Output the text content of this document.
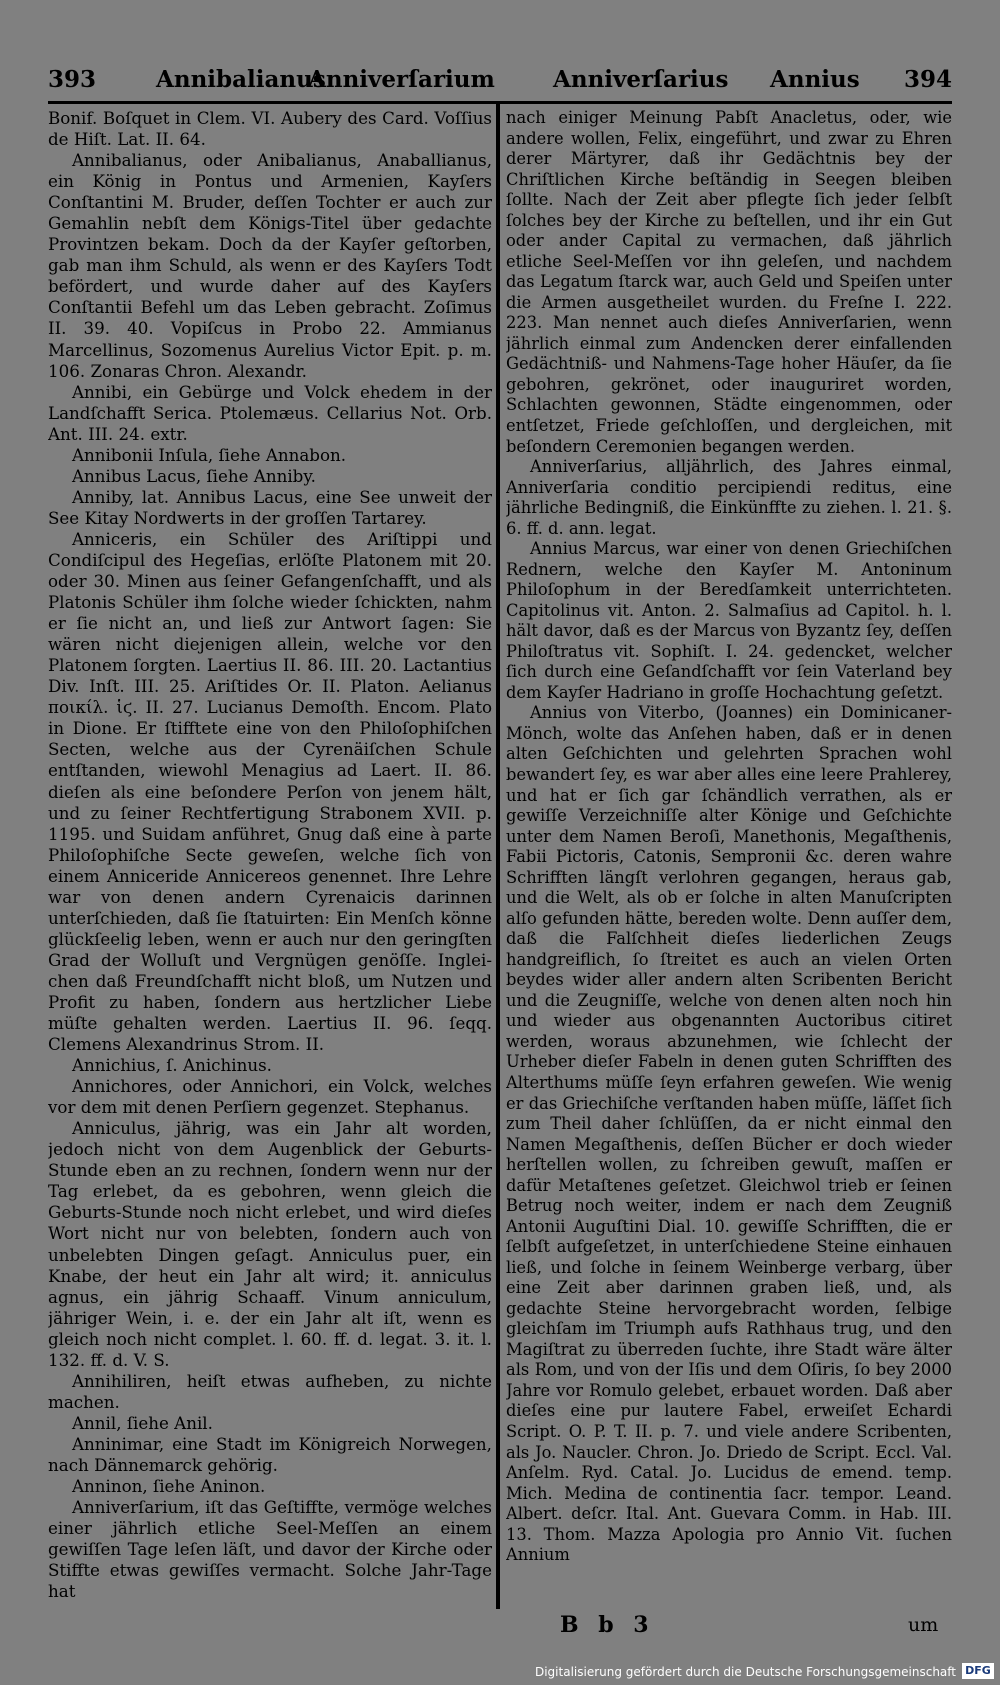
393	Annibalianus
Anniverſarium	Anniverſarius Annius 394

Bonif. Boſquet in Clem. VI. Aubery des Card. Voſſius de Hiſt. Lat. II. 64.

Annibalianus, oder Anibalianus, Anaballianus, ein König in Pontus und Armenien, Kayſers Conſtantini M. Bruder, deſſen Tochter er auch zur Gemahlin nebſt dem Königs-Titel über gedachte Provintzen bekam. Doch da der Kayſer geſtorben, gab man ihm Schuld, als wenn er des Kayſers Todt befördert, und wurde daher auf des Kayſers Conſtantii Befehl um das Leben gebracht. Zoſimus II. 39. 40. Vopiſcus in Probo 22. Ammianus Marcellinus, Sozomenus Aurelius Victor Epit. p. m. 106. Zonaras Chron. Alexandr.

Annibi, ein Gebürge und Volck ehedem in der Landſchafft Serica. Ptolemæus. Cellarius Not. Orb. Ant. III. 24. extr.

Annibonii Inſula, ſiehe Annabon.

Annibus Lacus, ſiehe Anniby.

Anniby, lat. Annibus Lacus, eine See unweit der See Kitay Nordwerts in der groſſen Tartarey.

Anniceris, ein Schüler des Ariſtippi und Condiſcipul des Hegeſias, erlöſte Platonem mit 20. oder 30. Minen aus ſeiner Gefangenſchafft, und als Platonis Schüler ihm ſolche wieder ſchickten, nahm er ſie nicht an, und ließ zur Antwort ſagen: Sie wären nicht diejenigen allein, welche vor den Platonem ſorgten. Laertius II. 86. III. 20. Lactantius Div. Inſt. III. 25. Ariſtides Or. II. Platon. Aelianus ποικίλ. ἱϛ. II. 27. Lucianus Demoſth. Encom. Plato in Dione. Er ſtifftete eine von den Philoſophiſchen Secten, welche aus der Cyrenäiſchen Schule entſtanden, wiewohl Menagius ad Laert. II. 86. dieſen als eine beſondere Perſon von jenem hält, und zu ſeiner Rechtfertigung Strabonem XVII. p. 1195. und Suidam anführet, Gnug daß eine à parte Philoſophiſche Secte geweſen, welche ſich von einem Anniceride Annicereos genennet. Ihre Lehre war von denen andern Cyrenaicis darinnen unterſchieden, daß ſie ſtatuirten: Ein Menſch könne glückſeelig leben, wenn er auch nur den geringſten Grad der Wolluſt und Vergnügen genöſſe. Ingleichen daß Freundſchafft nicht bloß, um Nutzen und Profit zu haben, ſondern aus hertzlicher Liebe müſte gehalten werden. Laertius II. 96. ſeqq. Clemens Alexandrinus Strom. II.

Annichius, ſ. Anichinus.

Annichores, oder Annichori, ein Volck, welches vor dem mit denen Perſiern gegenzet. Stephanus.

Anniculus, jährig, was ein Jahr alt worden, jedoch nicht von dem Augenblick der Geburts-Stunde eben an zu rechnen, ſondern wenn nur der Tag erlebet, da es gebohren, wenn gleich die Geburts-Stunde noch nicht erlebet, und wird dieſes Wort nicht nur von belebten, ſondern auch von unbelebten Dingen geſagt. Anniculus puer, ein Knabe, der heut ein Jahr alt wird; it. anniculus agnus, ein jährig Schaaff. Vinum anniculum, jähriger Wein, i. e. der ein Jahr alt iſt, wenn es gleich noch nicht complet. l. 60. ff. d. legat. 3. it. l. 132. ff. d. V. S.

Annihiliren, heiſt etwas aufheben, zu nichte machen.

Annil, ſiehe Anil.

Anninimar, eine Stadt im Königreich Norwegen, nach Dännemarck gehörig.

Anninon, ſiehe Aninon.

Anniverſarium, iſt das Geſtiffte, vermöge welches einer jährlich etliche Seel-Meſſen an einem gewiſſen Tage leſen läſt, und davor der Kirche oder Stiffte etwas gewiſſes vermacht. Solche Jahr-Tage hat

nach einiger Meinung Pabſt Anacletus, oder, wie andere wollen, Felix, eingeführt, und zwar zu Ehren derer Märtyrer, daß ihr Gedächtnis bey der Chriſtlichen Kirche beſtändig in Seegen bleiben ſollte. Nach der Zeit aber pflegte ſich jeder ſelbſt ſolches bey der Kirche zu beſtellen, und ihr ein Gut oder ander Capital zu vermachen, daß jährlich etliche Seel-Meſſen vor ihn geleſen, und nachdem das Legatum ſtarck war, auch Geld und Speiſen unter die Armen ausgetheilet wurden. du Freſne I. 222. 223. Man nennet auch dieſes Anniverſarien, wenn jährlich einmal zum Andencken derer einfallenden Gedächtniß- und Nahmens-Tage hoher Häuſer, da ſie gebohren, gekrönet, oder inauguriret worden, Schlachten gewonnen, Städte eingenommen, oder entſetzet, Friede geſchloſſen, und dergleichen, mit beſondern Ceremonien begangen werden.

Anniverſarius, alljährlich, des Jahres einmal, Anniverſaria conditio percipiendi reditus, eine jährliche Bedingniß, die Einkünffte zu ziehen. l. 21. §. 6. ff. d. ann. legat.

Annius Marcus, war einer von denen Griechiſchen Rednern, welche den Kayſer M. Antoninum Philoſophum in der Beredſamkeit unterrichteten. Capitolinus vit. Anton. 2. Salmaſius ad Capitol. h. l. hält davor, daß es der Marcus von Byzantz ſey, deſſen Philoſtratus vit. Sophiſt. I. 24. gedencket, welcher ſich durch eine Geſandſchafft vor ſein Vaterland bey dem Kayſer Hadriano in groſſe Hochachtung geſetzt.

Annius von Viterbo, (Joannes) ein Dominicaner-Mönch, wolte das Anſehen haben, daß er in denen alten Geſchichten und gelehrten Sprachen wohl bewandert ſey, es war aber alles eine leere Prahlerey, und hat er ſich gar ſchändlich verrathen, als er gewiſſe Verzeichniſſe alter Könige und Geſchichte unter dem Namen Beroſi, Manethonis, Megaſthenis, Fabii Pictoris, Catonis, Sempronii &c. deren wahre Schrifften längſt verlohren gegangen, heraus gab, und die Welt, als ob er ſolche in alten Manuſcripten alſo gefunden hätte, bereden wolte. Denn auſſer dem, daß die Falſchheit dieſes liederlichen Zeugs handgreiflich, ſo ſtreitet es auch an vielen Orten beydes wider aller andern alten Scribenten Bericht und die Zeugniſſe, welche von denen alten noch hin und wieder aus obgenannten Auctoribus citiret werden, woraus abzunehmen, wie ſchlecht der Urheber dieſer Fabeln in denen guten Schrifften des Alterthums müſſe ſeyn erfahren geweſen. Wie wenig er das Griechiſche verſtanden haben müſſe, läſſet ſich zum Theil daher ſchlüſſen, da er nicht einmal den Namen Megaſthenis, deſſen Bücher er doch wieder herſtellen wollen, zu ſchreiben gewuſt, maſſen er dafür Metaſtenes geſetzet. Gleichwol trieb er ſeinen Betrug noch weiter, indem er nach dem Zeugniß Antonii Auguſtini Dial. 10. gewiſſe Schrifften, die er ſelbſt aufgeſetzet, in unterſchiedene Steine einhauen ließ, und ſolche in ſeinem Weinberge verbarg, über eine Zeit aber darinnen graben ließ, und, als gedachte Steine hervorgebracht worden, ſelbige gleichſam im Triumph aufs Rathhaus trug, und den Magiſtrat zu überreden ſuchte, ihre Stadt wäre älter als Rom, und von der Iſis und dem Oſiris, ſo bey 2000 Jahre vor Romulo gelebet, erbauet worden. Daß aber dieſes eine pur lautere Fabel, erweiſet Echardi Script. O. P. T. II. p. 7. und viele andere Scribenten, als Jo. Naucler. Chron. Jo. Driedo de Script. Eccl. Val. Anſelm. Ryd. Catal. Jo. Lucidus de emend. temp. Mich. Medina de continentia ſacr. tempor. Leand. Albert. deſcr. Ital. Ant. Guevara Comm. in Hab. III. 13. Thom. Mazza Apologia pro Annio Vit. ſuchen Annium

B b 3	um
Digitalisierung gefördert durch die Deutsche Forschungsgemeinschaft DFG
